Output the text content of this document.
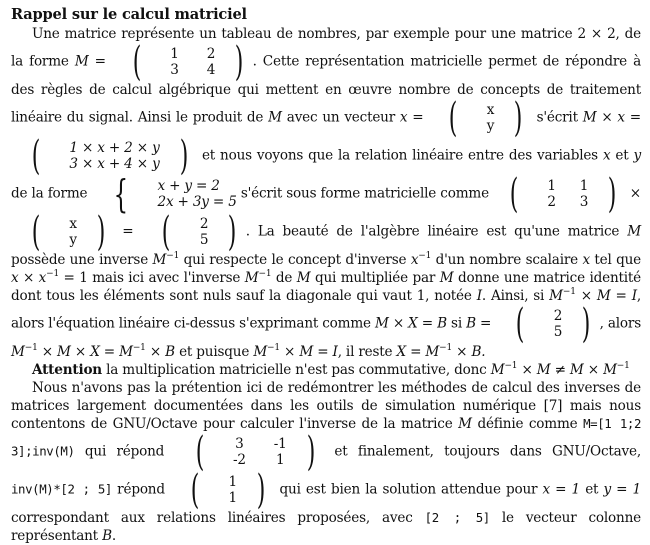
Rappel sur le calcul matriciel

Une matrice représente un tableau de nombres, par exemple pour une matrice 2 × 2, de la forme M = (	1	2
3	4 ) . Cette représentation matricielle permet de répondre à des règles de calcul algébrique qui mettent en œuvre nombre de concepts de traitement linéaire du signal. Ainsi le produit de M avec un vecteur x = (	x
y ) s'écrit M × x =
(	1 × x + 2 × y
3 × x + 4 × y ) et nous voyons que la relation linéaire entre des variables x et y de la forme {	x + y = 2
2x + 3y = 5
s'écrit sous forme matricielle comme (	1	1
2	3 ) ×
(	x
y ) = (	2
5 ) . La beauté de l'algèbre linéaire est qu'une matrice M possède une inverse $M^{-1}$ qui respecte le concept d'inverse $x^{-1}$ d'un nombre scalaire x tel que $x \times x^{-1} = 1$ mais ici avec l'inverse $M^{-1}$ de M qui multipliée par M donne une matrice identité dont tous les éléments sont nuls sauf la diagonale qui vaut 1, notée I. Ainsi, si $M^{-1} \times M = I$, alors l'équation linéaire ci-dessus s'exprimant comme M × X = B si B = (	2
5 ) , alors $M^{-1} \times M \times X = M^{-1} \times B$ et puisque $M^{-1} \times M = I$, il reste $X = M^{-1} \times B$.

Attention la multiplication matricielle n'est pas commutative, donc $M^{-1} \times M \ne M \times M^{-1}$

Nous n'avons pas la prétention ici de redémontrer les méthodes de calcul des inverses de matrices largement documentées dans les outils de simulation numérique [7] mais nous contentons de GNU/Octave pour calculer l'inverse de la matrice M définie comme M=[1 1;2 3];inv(M) qui répond (	3	-1
-2	1 ) et finalement, toujours dans GNU/Octave, inv(M)*[2 ; 5] répond (	1
1 ) qui est bien la solution attendue pour x = 1 et y = 1 correspondant aux relations linéaires proposées, avec [2 ; 5] le vecteur colonne représentant B.
